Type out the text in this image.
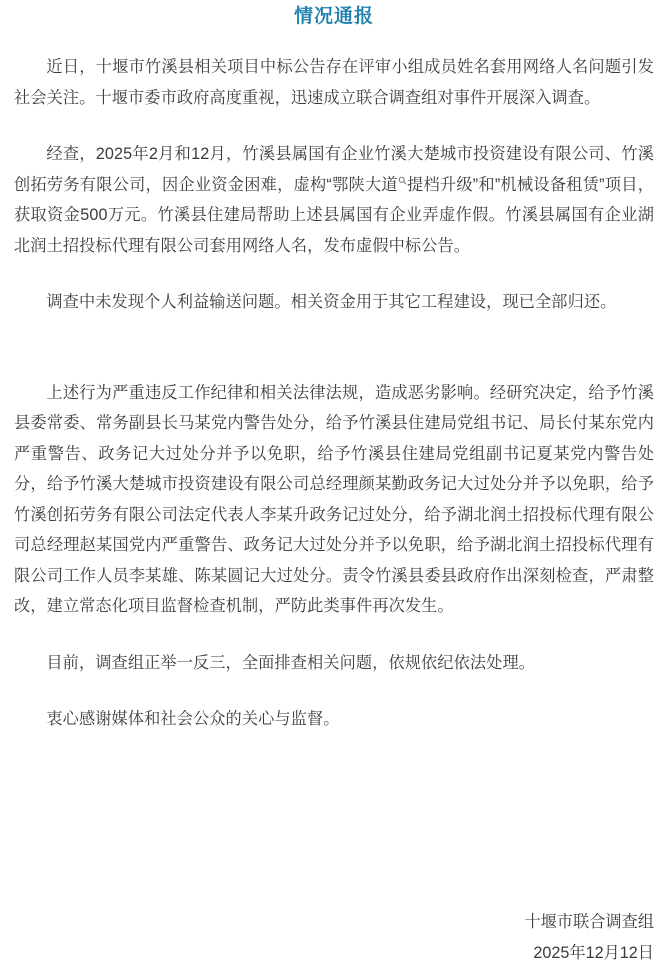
情况通报

近日，十堰市竹溪县相关项目中标公告存在评审小组成员姓名套用网络人名问题引发社会关注。十堰市委市政府高度重视，迅速成立联合调查组对事件开展深入调查。

经查，2025年2月和12月，竹溪县属国有企业竹溪大楚城市投资建设有限公司、竹溪创拓劳务有限公司，因企业资金困难，虚构“鄂陕大道 提档升级”和”机械设备租赁”项目，获取资金500万元。竹溪县住建局帮助上述县属国有企业弄虚作假。竹溪县属国有企业湖北润土招投标代理有限公司套用网络人名，发布虚假中标公告。

调查中未发现个人利益输送问题。相关资金用于其它工程建设，现已全部归还。

上述行为严重违反工作纪律和相关法律法规，造成恶劣影响。经研究决定，给予竹溪县委常委、常务副县长马某党内警告处分，给予竹溪县住建局党组书记、局长付某东党内严重警告、政务记大过处分并予以免职，给予竹溪县住建局党组副书记夏某党内警告处分，给予竹溪大楚城市投资建设有限公司总经理颜某勤政务记大过处分并予以免职，给予竹溪创拓劳务有限公司法定代表人李某升政务记过处分，给予湖北润土招投标代理有限公司总经理赵某国党内严重警告、政务记大过处分并予以免职，给予湖北润土招投标代理有限公司工作人员李某雄、陈某圆记大过处分。责令竹溪县委县政府作出深刻检查，严肃整改，建立常态化项目监督检查机制，严防此类事件再次发生。

目前，调查组正举一反三，全面排查相关问题，依规依纪依法处理。

衷心感谢媒体和社会公众的关心与监督。

十堰市联合调查组
2025年12月12日
